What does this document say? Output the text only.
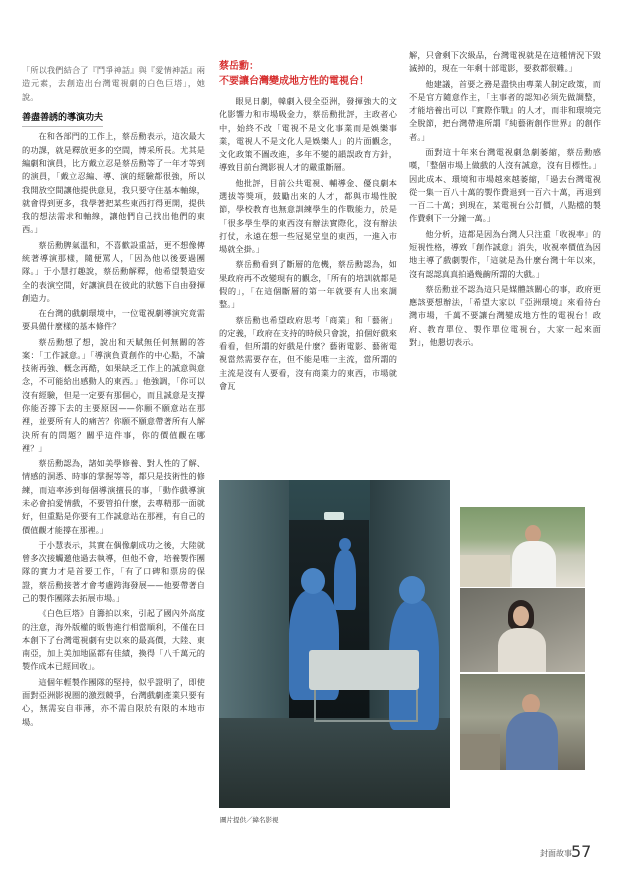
「所以我們結合了『鬥爭神話』與『愛情神話』兩造元素，去創造出台灣電視劇的白色巨塔」，她說。

善盡善誘的導演功夫

在和各部門的工作上，蔡岳勳表示，這次最大的功課，就是釋放更多的空間，博采所長。尤其是編劇和演員，比方戴立忍是蔡岳勳等了一年才等到的演員，「戴立忍編、導、演的經驗都很強，所以我開放空間讓他提供意見，我只要守住基本軸線，就會得到更多，我學著把某些東西打得更開，提供我的想法需求和軸線，讓他們自己找出他們的東西。」

蔡岳勳脾氣溫和，不喜歡設重話，更不想像傳統著導演那樣，隨便罵人，「因為他以後要過團隊。」于小慧打趣說，蔡岳勳解釋，他希望製造安全的表演空間，好讓演員在彼此的狀態下自由發揮創造力。

在台灣的戲劇環境中，一位電視劇導演究竟需要具備什麼樣的基本條件？

蔡岳勳想了想，說出和天賦無任何無關的答案：「工作誠意。」「導演負責創作的中心點，不論技術再強、概念再酷，如果缺乏工作上的誠意與意念，不可能給出感動人的東西。」他強調，「你可以沒有經驗，但是一定要有那個心，而且誠意是支撐你能否撐下去的主要原因——你願不願意站在那裡，並要所有人的痛苦？你願不願意帶著所有人解決所有的問題？關乎這件事，你的價值觀在哪裡？」

蔡岳勳認為，諸如美學修養、對人性的了解、情感的洞悉、時事的掌握等等，都只是技術性的修練，而這率涉到每個導演擅長的事，「動作戲導演未必會拍愛情戲，不要管拍什麼，去專精那一面就好，但重點是你要有工作誠意站在那裡，有自己的價值觀才能撐在那裡。」

于小慧表示，其實在偶像劇成功之後，大陸就曾多次接觸邀他過去執導，但他不會，培養製作團隊的實力才是首要工作，「有了口碑和票房的保證，蔡岳勳接著才會考慮跨海發展——他要帶著自己的製作團隊去拓展市場。」

《白色巨塔》自籌拍以來，引起了國內外高度的注意，海外版權的販售進行相當順利，不僅在日本創下了台灣電視劇有史以來的最高價，大陸、東南亞，加上美加地區都有佳績，換得「八千萬元的製作成本已經回收」。

這個年輕製作團隊的堅持，似乎證明了，即使面對亞洲影視圈的激烈競爭，台灣戲劇產業只要有心，無需妄自菲薄，亦不需自限於有限的本地市場。

蔡岳勳：
不要讓台灣變成地方性的電視台！

眼見日劇，韓劇入侵全亞洲，發揮強大的文化影響力和市場吸金力，蔡岳勳批評，主政者心中，始終不改「電視不是文化事業而是娛樂事業，電視人不是文化人是娛樂人」的片面觀念，文化政策不圖改進，多年不變的韻誤政育方針，導致目前台灣影視人才的嚴重斷層。

他批評，目前公共電視、輔導金、優良劇本選拔等獎項，鼓勵出來的人才，都與市場性脫節，學校教育也無意訓練學生的作戰能力，於是「很多學生學的東西沒有辦法實際化，沒有辦法打仗，永遠在想一些冠冕堂皇的東西，一進入市場就全掛。」

蔡岳勳看到了斷層的危機，蔡岳勳認為，如果政府再不改變現有的觀念，「所有的培訓就都是假的」，「在這個斷層的第一年就要有人出來調整。」

蔡岳勳也希望政府思考「商業」和「藝術」的定義，「政府在支持的時候只會說，拍個好戲來看看，但所謂的好戲是什麼？藝術電影、藝術電視當然需要存在，但不能是唯一主流，當所謂的主流是沒有人要看，沒有商業力的東西，市場就會瓦

解，只會剩下次級品，台灣電視就是在這種情況下毀滅掉的，現在一年剩十部電影，要救都很難。」

他建議，首要之務是盡快由專業人制定政策，而不是官方隨意作主，「主事者的認知必須先做調整，才能培養出可以『實際作戰』的人才，而非和環境完全脫節，把台灣帶進所謂『純藝術創作世界』的創作者。」

面對這十年來台灣電視劇急劇萎縮，蔡岳勳感嘆，「整個市場上做戲的人沒有誠意，沒有目標性。」因此成本、環境和市場越來越萎縮，「過去台灣電視從一集一百八十萬的製作費退到一百六十萬，再退到一百二十萬；到現在，某電視台公訂價，八點檔的製作費剩下一分鐘一萬。」

他分析，這都是因為台灣人只注重「收視率」的短視性格，導致「創作誠意」消失，收視率價值為因地主導了戲劇製作，「這就是為什麼台灣十年以來，沒有認認真真拍過幾齣所謂的大戲。」

蔡岳勳並不認為這只是媒體該關心的事，政府更應該要想辦法，「希望大家以『亞洲環境』來看待台灣市場，千萬不要讓台灣變成地方性的電視台！政府、教育單位、製作單位電視台，大家一起來面對」，他懇切表示。

圖片提供／緯名影視
封面故事 57
